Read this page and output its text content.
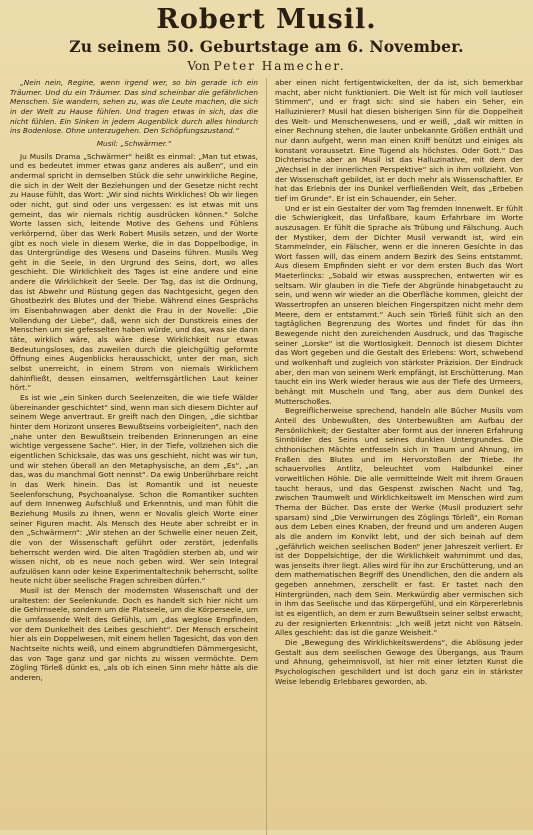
Robert Musil.
Zu seinem 50. Geburtstage am 6. November.
Von Peter Hamecher.

„Nein nein, Regine, wenn irgend wer, so bin gerade ich ein Träumer. Und du ein Träumer. Das sind scheinbar die gefährlichen Menschen. Sie wandern, sehen zu, was die Leute machen, die sich in der Welt zu Hause fühlen. Und tragen etwas in sich, das die nicht fühlen. Ein Sinken in jedem Augenblick durch alles hindurch ins Bodenlose. Ohne unterzugehen. Den Schöpfungszustand.“

Musil: „Schwärmer.“

Ju Musils Drama „Schwärmer“ heißt es einmal: „Man tut etwas, und es bedeutet immer etwas ganz anderes als außen“, und ein andermal spricht in demselben Stück die sehr unwirkliche Regine, die sich in der Welt der Beziehungen und der Gesetze nicht recht zu Hause fühlt, das Wort: „Wir sind nichts Wirkliches! Ob wir liegen oder nicht, gut sind oder uns vergessen: es ist etwas mit uns gemeint, das wir niemals richtig ausdrücken können.“ Solche Worte lassen sich, leitende Motive des Gehens und Fühlens verkörpernd, über das Werk Robert Musils setzen, und der Worte gibt es noch viele in diesem Werke, die in das Doppelbodige, in das Untergründige des Wesens und Daseins führen. Musils Weg geht in die Seele, in den Urgrund des Seins, dort, wo alles geschieht. Die Wirklichkeit des Tages ist eine andere und eine andere die Wirklichkeit der Seele. Der Tag, das ist die Ordnung, das ist Abwehr und Rüstung gegen das Nachtgesicht, gegen den Ghostbezirk des Blutes und der Triebe. Während eines Gesprächs im Eisenbahnwagen aber denkt die Frau in der Novelle: „Die Vollendung der Liebe“, daß, wenn sich der Dunstkreis eines der Menschen um sie gefesselten haben würde, und das, was sie dann täte, wirklich wäre, als wäre diese Wirklichkeit nur etwas Bedeutungsloses, das zuweilen durch die gleichgültig geformte Öffnung eines Augenblicks herausschickt, unter der man, sich selbst unerreicht, in einem Strom von niemals Wirklichem dahinfließt, dessen einsamen, weltfernsgärtlichen Laut keiner hört.“

Es ist wie „ein Sinken durch Seelenzeiten, die wie tiefe Wälder übereinander geschichtet“ sind, wenn man sich diesem Dichter auf seinem Wege anvertraut. Er greift nach den Dingen, „die sichtbar hinter dem Horizont unseres Bewußtseins vorbeigleiten“, nach den „nahe unter den Bewußtsein treibenden Erinnerungen an eine wichtige vergessene Sache“. Hier, in der Tiefe, vollziehen sich die eigentlichen Schicksale, das was uns geschieht, nicht was wir tun, und wir stehen überall an den Metaphysische, an dem „Es“, „an das, was du manchmal Gott nennst“. Da ewig Unberührbare reicht in das Werk hinein. Das ist Romantik und ist neueste Seelenforschung, Psychoanalyse. Schon die Romantiker suchten auf dem Innenweg Aufschluß und Erkenntnis, und man fühlt die Beziehung Musils zu ihnen, wenn er Novalis gleich Worte einer seiner Figuren macht. Als Mensch des Heute aber schreibt er in den „Schwärmern“: „Wir stehen an der Schwelle einer neuen Zeit, die von der Wissenschaft geführt oder zerstört, jedenfalls beherrscht werden wird. Die alten Tragödien sterben ab, und wir wissen nicht, ob es neue noch geben wird. Wer sein Integral aufzulösen kann oder keine Experimentaltechnik beherrscht, sollte heute nicht über seelische Fragen schreiben dürfen.“

Musil ist der Mensch der modernsten Wissenschaft und der uraltesten: der Seelenkunde. Doch es handelt sich hier nicht um die Gehirnseele, sondern um die Platseele, um die Körperseele, um die umfassende Welt des Gefühls, um „das weglose Empfinden, vor dem Dunkelheit des Leibes geschieht“. Der Mensch erscheint hier als ein Doppelwesen, mit einem hellen Tagesicht, das von den Nachtseite nichts weiß, und einem abgrundtiefen Dämmergesicht, das von Tage ganz und gar nichts zu wissen vermöchte. Dem Zögling Törleß dünkt es, „als ob ich einen Sinn mehr hätte als die anderen,

aber einen nicht fertigentwickelten, der da ist, sich bemerkbar macht, aber nicht funktioniert. Die Welt ist für mich voll lautloser Stimmen“, und er fragt sich: sind sie haben ein Seher, ein Halluzinierer? Musil hat diesen bisherigen Sinn für die Doppelheit des Welt- und Menschenwesens, und er weiß, „daß wir mitten in einer Rechnung stehen, die lauter unbekannte Größen enthält und nur dann aufgeht, wenn man einen Kniff benützt und einiges als konstant voraussetzt. Eine Tugend als höchstes. Oder Gott.“ Das Dichterische aber an Musil ist das Halluzinative, mit dem der „Wechsel in der innerlichen Perspektive“ sich in ihm vollzieht. Von der Wissenschaft gebildet, ist er doch mehr als Wissenschaftler. Er hat das Erlebnis der ins Dunkel verfließenden Welt, das „Erbeben tief im Grunde“. Er ist ein Schauender, ein Seher.

Und er ist ein Gestalter der vom Tag fremden Innenwelt. Er fühlt die Schwierigkeit, das Unfaßbare, kaum Erfahrbare im Worte auszusagen. Er fühlt die Sprache als Trübung und Fälschung. Auch der Mystiker, dem der Dichter Musil verwandt ist, wird ein Stammelnder, ein Fälscher, wenn er die inneren Gesichte in das Wort fassen will, das einem andern Bezirk des Seins entstammt. Aus diesem Empfinden sieht er vor dem ersten Buch das Wort Maeterlincks: „Sobald wir etwas aussprechen, entwerten wir es seltsam. Wir glauben in die Tiefe der Abgründe hinabgetaucht zu sein, und wenn wir wieder an die Oberfläche kommen, gleicht der Wassertropfen an unseren bleichen Fingerspitzen nicht mehr dem Meere, dem er entstammt.“ Auch sein Törleß fühlt sich an den tagtäglichen Begrenzung des Wortes und findet für das ihn Bewegende nicht den zureichenden Ausdruck, und das Tragische seiner „Lorske“ ist die Wortlosigkeit. Dennoch ist diesem Dichter das Wort gegeben und die Gestalt des Erlebens: Wort, schwebend und wolkenhaft und zugleich von stärkster Präzision. Der Eindruck aber, den man von seinem Werk empfängt, ist Erschütterung. Man taucht ein ins Werk wieder heraus wie aus der Tiefe des Urmeers, behängt mit Muscheln und Tang, aber aus dem Dunkel des Mutterschoßes.

Begreiflicherweise sprechend, handeln alle Bücher Musils vom Anteil des Unbewußten, des Unterbewußten am Aufbau der Persönlichkeit; der Gestalter aber formt aus der inneren Erfahrung Sinnbilder des Seins und seines dunklen Untergrundes. Die chthonischen Mächte entfesseln sich in Traum und Ahnung, im Fraßen des Blutes und im Hervorstoßen der Triebe. Ihr schauervolles Antlitz, beleuchtet vom Halbdunkel einer vorweltlichen Höhle. Die alle vermittelnde Welt mit ihrem Grauen taucht heraus, und das Gespenst zwischen Nacht und Tag, zwischen Traumwelt und Wirklichkeitswelt im Menschen wird zum Thema der Bücher. Das erste der Werke (Musil produziert sehr sparsam) sind „Die Verwirrungen des Zöglings Törleß“, ein Roman aus dem Leben eines Knaben, der freund und um anderen Augen als die andern im Konvikt lebt, und der sich beinah auf dem „gefährlich weichen seelischen Boden“ jener Jahreszeit verliert. Er ist der Doppelsichtige, der die Wirklichkeit wahrnimmt und das, was jenseits ihrer liegt. Alles wird für ihn zur Erschütterung, und an dem mathematischen Begriff des Unendlichen, den die andern als gegeben annehmen, zerschellt er fast. Er tastet nach den Hintergründen, nach dem Sein. Merkwürdig aber vermischen sich in ihm das Seelische und das Körpergefühl, und ein Körpererlebnis ist es eigentlich, an dem er zum Bewußtsein seiner selbst erwacht, zu der resignierten Erkenntnis: „Ich weiß jetzt nicht von Rätseln. Alles geschieht: das ist die ganze Weisheit.“

Die „Bewegung des Wirklichkeitswerdens“, die Ablösung jeder Gestalt aus dem seelischen Gewoge des Übergangs, aus Traum und Ahnung, geheimnisvoll, ist hier mit einer letzten Kunst die Psychologischen geschildert und ist doch ganz ein in stärkster Weise lebendig Erlebbares geworden, ab.
